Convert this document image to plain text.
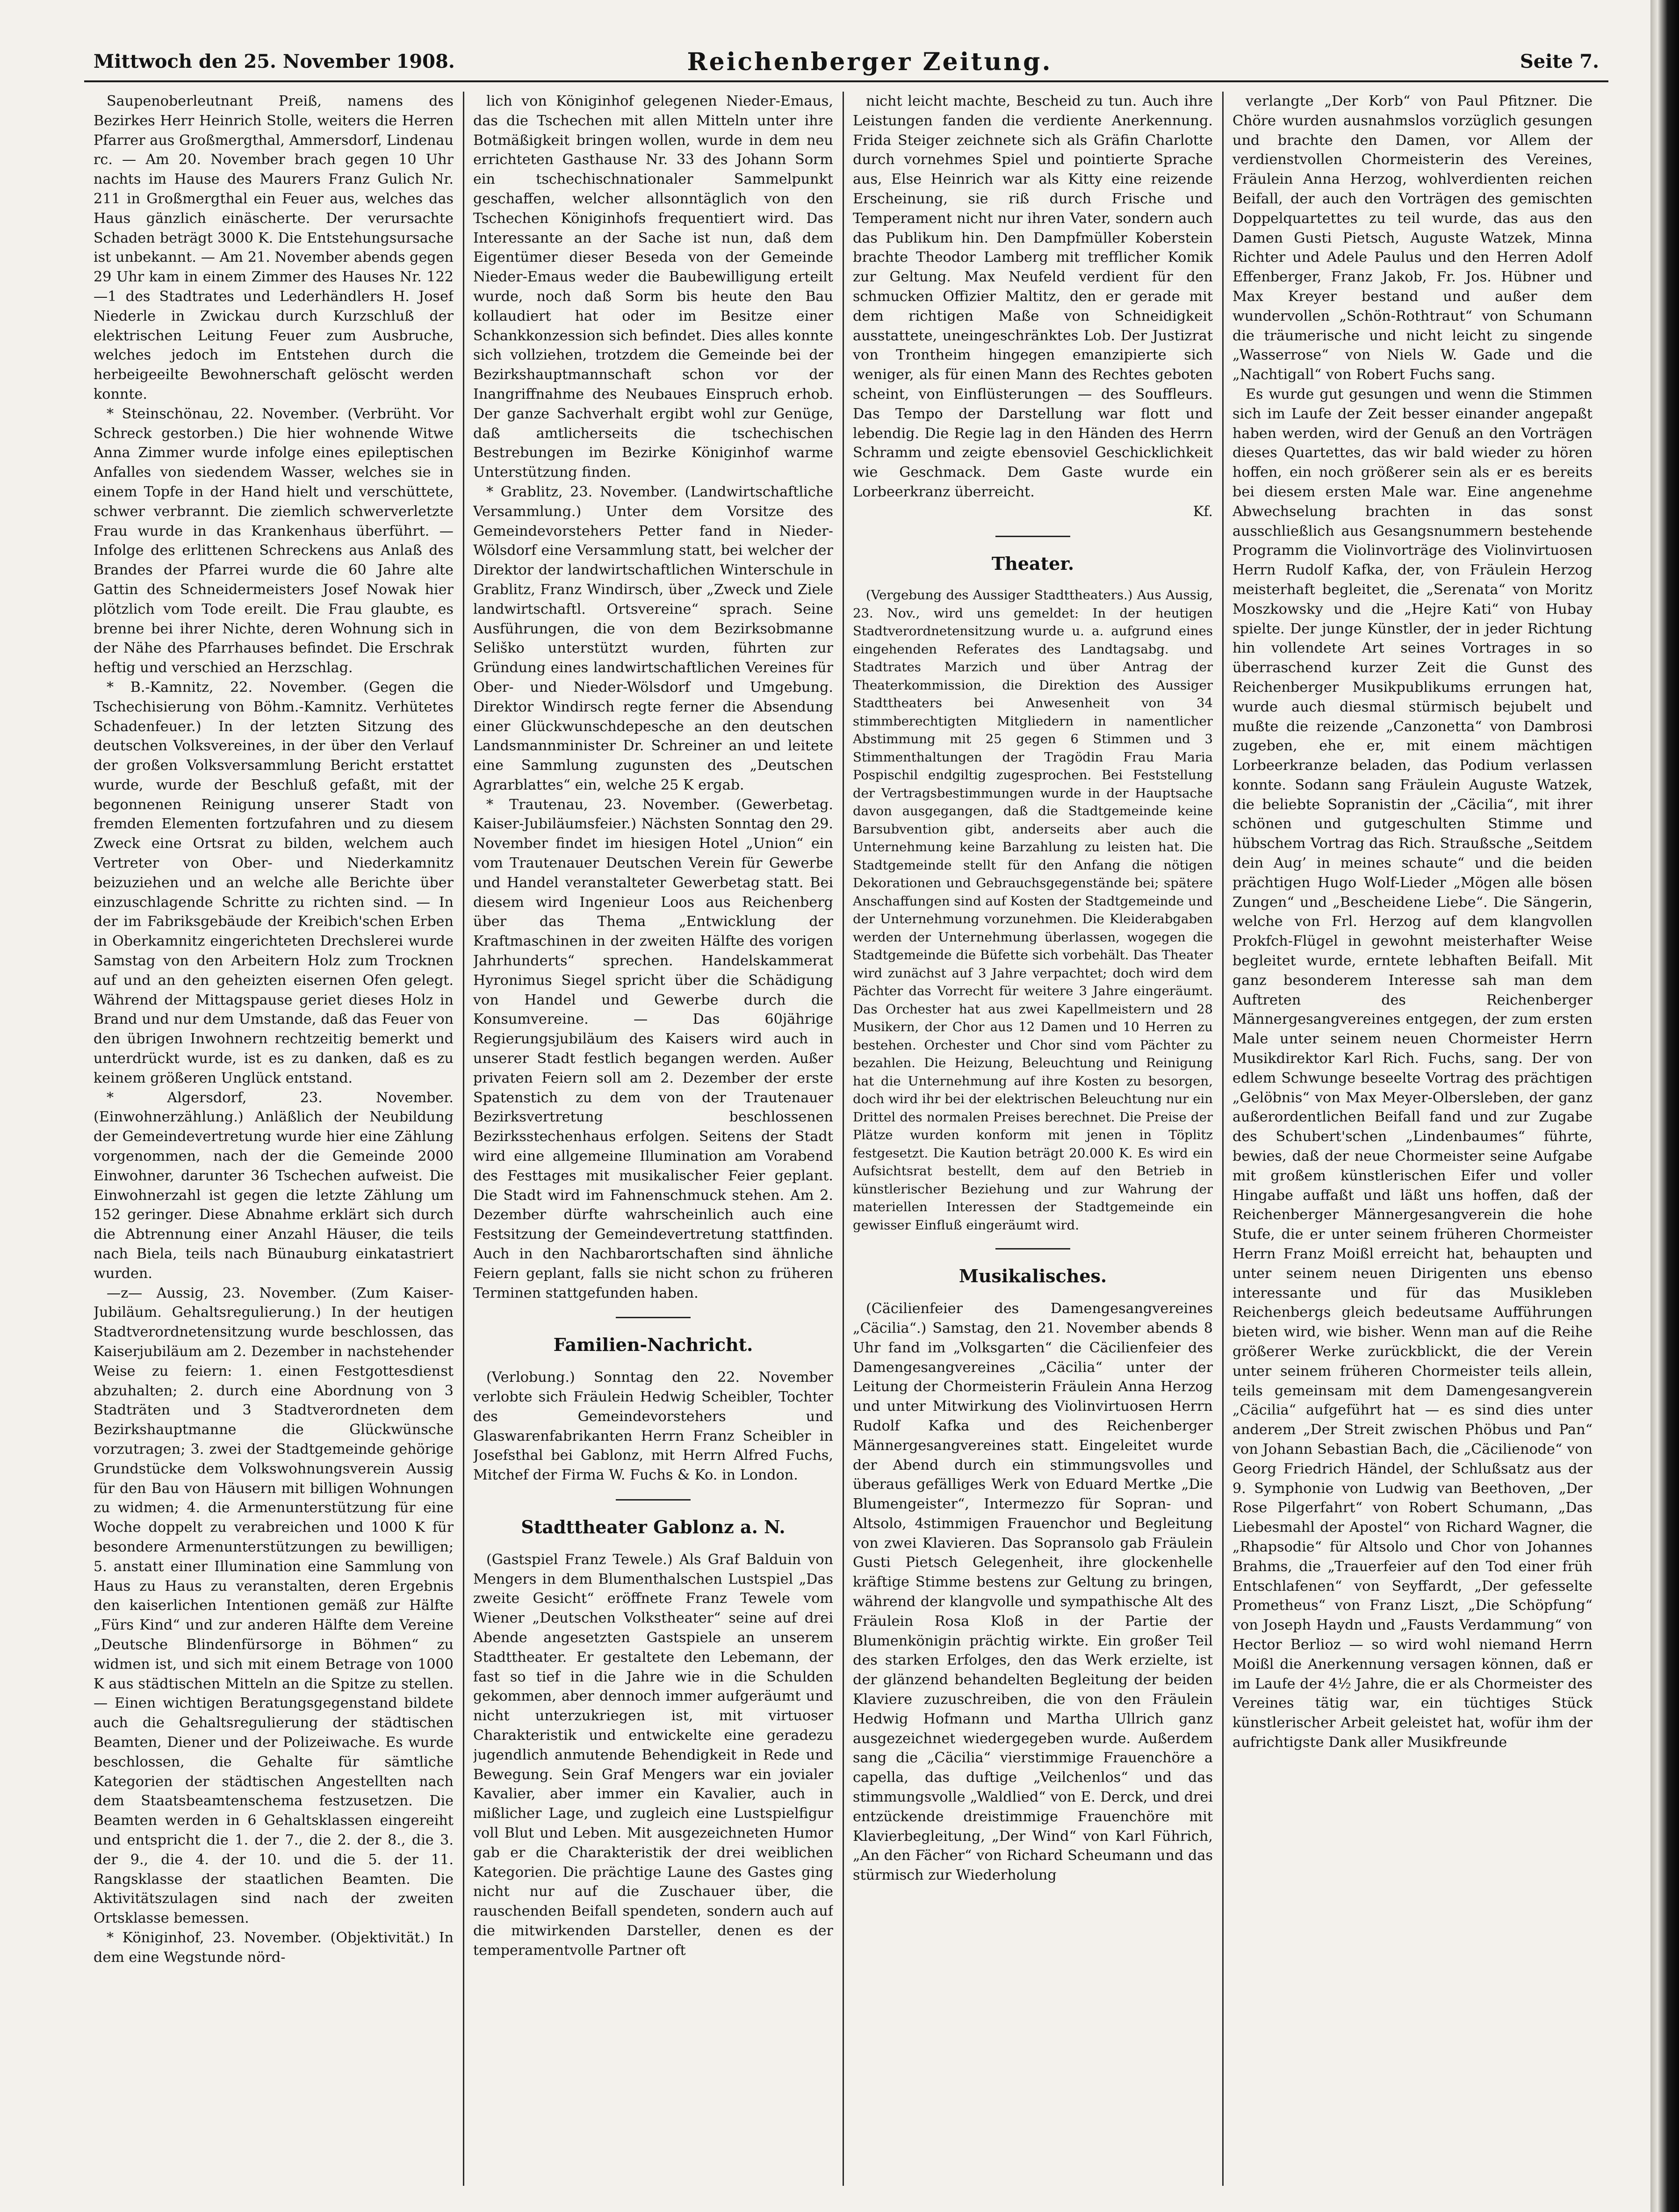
Mittwoch den 25. November 1908.	Reichenberger Zeitung.	Seite 7.

Saupenoberleutnant Preiß, namens des Bezirkes Herr Heinrich Stolle, weiters die Herren Pfarrer aus Großmergthal, Ammersdorf, Lindenau rc. — Am 20. November brach gegen 10 Uhr nachts im Hause des Maurers Franz Gulich Nr. 211 in Großmergthal ein Feuer aus, welches das Haus gänzlich einäscherte. Der verursachte Schaden beträgt 3000 K. Die Entstehungsursache ist unbekannt. — Am 21. November abends gegen 29 Uhr kam in einem Zimmer des Hauses Nr. 122—1 des Stadtrates und Lederhändlers H. Josef Niederle in Zwickau durch Kurzschluß der elektrischen Leitung Feuer zum Ausbruche, welches jedoch im Entstehen durch die herbeigeeilte Bewohnerschaft gelöscht werden konnte.

* Steinschönau, 22. November. (Verbrüht. Vor Schreck gestorben.) Die hier wohnende Witwe Anna Zimmer wurde infolge eines epileptischen Anfalles von siedendem Wasser, welches sie in einem Topfe in der Hand hielt und verschüttete, schwer verbrannt. Die ziemlich schwerverletzte Frau wurde in das Krankenhaus überführt. — Infolge des erlittenen Schreckens aus Anlaß des Brandes der Pfarrei wurde die 60 Jahre alte Gattin des Schneidermeisters Josef Nowak hier plötzlich vom Tode ereilt. Die Frau glaubte, es brenne bei ihrer Nichte, deren Wohnung sich in der Nähe des Pfarrhauses befindet. Die Erschrak heftig und verschied an Herzschlag.

* B.-Kamnitz, 22. November. (Gegen die Tschechisierung von Böhm.-Kamnitz. Verhütetes Schadenfeuer.) In der letzten Sitzung des deutschen Volksvereines, in der über den Verlauf der großen Volksversammlung Bericht erstattet wurde, wurde der Beschluß gefaßt, mit der begonnenen Reinigung unserer Stadt von fremden Elementen fortzufahren und zu diesem Zweck eine Ortsrat zu bilden, welchem auch Vertreter von Ober- und Niederkamnitz beizuziehen und an welche alle Berichte über einzuschlagende Schritte zu richten sind. — In der im Fabriksgebäude der Kreibich'schen Erben in Oberkamnitz eingerichteten Drechslerei wurde Samstag von den Arbeitern Holz zum Trocknen auf und an den geheizten eisernen Ofen gelegt. Während der Mittagspause geriet dieses Holz in Brand und nur dem Umstande, daß das Feuer von den übrigen Inwohnern rechtzeitig bemerkt und unterdrückt wurde, ist es zu danken, daß es zu keinem größeren Unglück entstand.

* Algersdorf, 23. November. (Einwohnerzählung.) Anläßlich der Neubildung der Gemeindevertretung wurde hier eine Zählung vorgenommen, nach der die Gemeinde 2000 Einwohner, darunter 36 Tschechen aufweist. Die Einwohnerzahl ist gegen die letzte Zählung um 152 geringer. Diese Abnahme erklärt sich durch die Abtrennung einer Anzahl Häuser, die teils nach Biela, teils nach Bünauburg einkatastriert wurden.

—z— Aussig, 23. November. (Zum Kaiser-Jubiläum. Gehaltsregulierung.) In der heutigen Stadtverordnetensitzung wurde beschlossen, das Kaiserjubiläum am 2. Dezember in nachstehender Weise zu feiern: 1. einen Festgottesdienst abzuhalten; 2. durch eine Abordnung von 3 Stadträten und 3 Stadtverordneten dem Bezirkshauptmanne die Glückwünsche vorzutragen; 3. zwei der Stadtgemeinde gehörige Grundstücke dem Volkswohnungsverein Aussig für den Bau von Häusern mit billigen Wohnungen zu widmen; 4. die Armenunterstützung für eine Woche doppelt zu verabreichen und 1000 K für besondere Armenunterstützungen zu bewilligen; 5. anstatt einer Illumination eine Sammlung von Haus zu Haus zu veranstalten, deren Ergebnis den kaiserlichen Intentionen gemäß zur Hälfte „Fürs Kind“ und zur anderen Hälfte dem Vereine „Deutsche Blindenfürsorge in Böhmen“ zu widmen ist, und sich mit einem Betrage von 1000 K aus städtischen Mitteln an die Spitze zu stellen. — Einen wichtigen Beratungsgegenstand bildete auch die Gehaltsregulierung der städtischen Beamten, Diener und der Polizeiwache. Es wurde beschlossen, die Gehalte für sämtliche Kategorien der städtischen Angestellten nach dem Staatsbeamtenschema festzusetzen. Die Beamten werden in 6 Gehaltsklassen eingereiht und entspricht die 1. der 7., die 2. der 8., die 3. der 9., die 4. der 10. und die 5. der 11. Rangsklasse der staatlichen Beamten. Die Aktivitätszulagen sind nach der zweiten Ortsklasse bemessen.

* Königinhof, 23. November. (Objektivität.) In dem eine Wegstunde nörd-

lich von Königinhof gelegenen Nieder-Emaus, das die Tschechen mit allen Mitteln unter ihre Botmäßigkeit bringen wollen, wurde in dem neu errichteten Gasthause Nr. 33 des Johann Sorm ein tschechischnationaler Sammelpunkt geschaffen, welcher allsonntäglich von den Tschechen Königinhofs frequentiert wird. Das Interessante an der Sache ist nun, daß dem Eigentümer dieser Beseda von der Gemeinde Nieder-Emaus weder die Baubewilligung erteilt wurde, noch daß Sorm bis heute den Bau kollaudiert hat oder im Besitze einer Schankkonzession sich befindet. Dies alles konnte sich vollziehen, trotzdem die Gemeinde bei der Bezirkshauptmannschaft schon vor der Inangriffnahme des Neubaues Einspruch erhob. Der ganze Sachverhalt ergibt wohl zur Genüge, daß amtlicherseits die tschechischen Bestrebungen im Bezirke Königinhof warme Unterstützung finden.

* Grablitz, 23. November. (Landwirtschaftliche Versammlung.) Unter dem Vorsitze des Gemeindevorstehers Petter fand in Nieder-Wölsdorf eine Versammlung statt, bei welcher der Direktor der landwirtschaftlichen Winterschule in Grablitz, Franz Windirsch, über „Zweck und Ziele landwirtschaftl. Ortsvereine“ sprach. Seine Ausführungen, die von dem Bezirksobmanne Seliško unterstützt wurden, führten zur Gründung eines landwirtschaftlichen Vereines für Ober- und Nieder-Wölsdorf und Umgebung. Direktor Windirsch regte ferner die Absendung einer Glückwunschdepesche an den deutschen Landsmannminister Dr. Schreiner an und leitete eine Sammlung zugunsten des „Deutschen Agrarblattes“ ein, welche 25 K ergab.

* Trautenau, 23. November. (Gewerbetag. Kaiser-Jubiläumsfeier.) Nächsten Sonntag den 29. November findet im hiesigen Hotel „Union“ ein vom Trautenauer Deutschen Verein für Gewerbe und Handel veranstalteter Gewerbetag statt. Bei diesem wird Ingenieur Loos aus Reichenberg über das Thema „Entwicklung der Kraftmaschinen in der zweiten Hälfte des vorigen Jahrhunderts“ sprechen. Handelskammerat Hyronimus Siegel spricht über die Schädigung von Handel und Gewerbe durch die Konsumvereine. — Das 60jährige Regierungsjubiläum des Kaisers wird auch in unserer Stadt festlich begangen werden. Außer privaten Feiern soll am 2. Dezember der erste Spatenstich zu dem von der Trautenauer Bezirksvertretung beschlossenen Bezirksstechenhaus erfolgen. Seitens der Stadt wird eine allgemeine Illumination am Vorabend des Festtages mit musikalischer Feier geplant. Die Stadt wird im Fahnenschmuck stehen. Am 2. Dezember dürfte wahrscheinlich auch eine Festsitzung der Gemeindevertretung stattfinden. Auch in den Nachbarortschaften sind ähnliche Feiern geplant, falls sie nicht schon zu früheren Terminen stattgefunden haben.

Familien-Nachricht.

(Verlobung.) Sonntag den 22. November verlobte sich Fräulein Hedwig Scheibler, Tochter des Gemeindevorstehers und Glaswarenfabrikanten Herrn Franz Scheibler in Josefsthal bei Gablonz, mit Herrn Alfred Fuchs, Mitchef der Firma W. Fuchs & Ko. in London.

Stadttheater Gablonz a. N.

(Gastspiel Franz Tewele.) Als Graf Balduin von Mengers in dem Blumenthalschen Lustspiel „Das zweite Gesicht“ eröffnete Franz Tewele vom Wiener „Deutschen Volkstheater“ seine auf drei Abende angesetzten Gastspiele an unserem Stadttheater. Er gestaltete den Lebemann, der fast so tief in die Jahre wie in die Schulden gekommen, aber dennoch immer aufgeräumt und nicht unterzukriegen ist, mit virtuoser Charakteristik und entwickelte eine geradezu jugendlich anmutende Behendigkeit in Rede und Bewegung. Sein Graf Mengers war ein jovialer Kavalier, aber immer ein Kavalier, auch in mißlicher Lage, und zugleich eine Lustspielfigur voll Blut und Leben. Mit ausgezeichneten Humor gab er die Charakteristik der drei weiblichen Kategorien. Die prächtige Laune des Gastes ging nicht nur auf die Zuschauer über, die rauschenden Beifall spendeten, sondern auch auf die mitwirkenden Darsteller, denen es der temperamentvolle Partner oft

nicht leicht machte, Bescheid zu tun. Auch ihre Leistungen fanden die verdiente Anerkennung. Frida Steiger zeichnete sich als Gräfin Charlotte durch vornehmes Spiel und pointierte Sprache aus, Else Heinrich war als Kitty eine reizende Erscheinung, sie riß durch Frische und Temperament nicht nur ihren Vater, sondern auch das Publikum hin. Den Dampfmüller Koberstein brachte Theodor Lamberg mit trefflicher Komik zur Geltung. Max Neufeld verdient für den schmucken Offizier Maltitz, den er gerade mit dem richtigen Maße von Schneidigkeit ausstattete, uneingeschränktes Lob. Der Justizrat von Trontheim hingegen emanzipierte sich weniger, als für einen Mann des Rechtes geboten scheint, von Einflüsterungen — des Souffleurs. Das Tempo der Darstellung war flott und lebendig. Die Regie lag in den Händen des Herrn Schramm und zeigte ebensoviel Geschicklichkeit wie Geschmack. Dem Gaste wurde ein Lorbeerkranz überreicht.

Kf.

Theater.

(Vergebung des Aussiger Stadttheaters.) Aus Aussig, 23. Nov., wird uns gemeldet: In der heutigen Stadtverordnetensitzung wurde u. a. aufgrund eines eingehenden Referates des Landtagsabg. und Stadtrates Marzich und über Antrag der Theaterkommission, die Direktion des Aussiger Stadttheaters bei Anwesenheit von 34 stimmberechtigten Mitgliedern in namentlicher Abstimmung mit 25 gegen 6 Stimmen und 3 Stimmenthaltungen der Tragödin Frau Maria Pospischil endgiltig zugesprochen. Bei Feststellung der Vertragsbestimmungen wurde in der Hauptsache davon ausgegangen, daß die Stadtgemeinde keine Barsubvention gibt, anderseits aber auch die Unternehmung keine Barzahlung zu leisten hat. Die Stadtgemeinde stellt für den Anfang die nötigen Dekorationen und Gebrauchsgegenstände bei; spätere Anschaffungen sind auf Kosten der Stadtgemeinde und der Unternehmung vorzunehmen. Die Kleiderabgaben werden der Unternehmung überlassen, wogegen die Stadtgemeinde die Büfette sich vorbehält. Das Theater wird zunächst auf 3 Jahre verpachtet; doch wird dem Pächter das Vorrecht für weitere 3 Jahre eingeräumt. Das Orchester hat aus zwei Kapellmeistern und 28 Musikern, der Chor aus 12 Damen und 10 Herren zu bestehen. Orchester und Chor sind vom Pächter zu bezahlen. Die Heizung, Beleuchtung und Reinigung hat die Unternehmung auf ihre Kosten zu besorgen, doch wird ihr bei der elektrischen Beleuchtung nur ein Drittel des normalen Preises berechnet. Die Preise der Plätze wurden konform mit jenen in Töplitz festgesetzt. Die Kaution beträgt 20.000 K. Es wird ein Aufsichtsrat bestellt, dem auf den Betrieb in künstlerischer Beziehung und zur Wahrung der materiellen Interessen der Stadtgemeinde ein gewisser Einfluß eingeräumt wird.

Musikalisches.

(Cäcilienfeier des Damengesangvereines „Cäcilia“.) Samstag, den 21. November abends 8 Uhr fand im „Volksgarten“ die Cäcilienfeier des Damengesangvereines „Cäcilia“ unter der Leitung der Chormeisterin Fräulein Anna Herzog und unter Mitwirkung des Violinvirtuosen Herrn Rudolf Kafka und des Reichenberger Männergesangvereines statt. Eingeleitet wurde der Abend durch ein stimmungsvolles und überaus gefälliges Werk von Eduard Mertke „Die Blumengeister“, Intermezzo für Sopran- und Altsolo, 4stimmigen Frauenchor und Begleitung von zwei Klavieren. Das Sopransolo gab Fräulein Gusti Pietsch Gelegenheit, ihre glockenhelle kräftige Stimme bestens zur Geltung zu bringen, während der klangvolle und sympathische Alt des Fräulein Rosa Kloß in der Partie der Blumenkönigin prächtig wirkte. Ein großer Teil des starken Erfolges, den das Werk erzielte, ist der glänzend behandelten Begleitung der beiden Klaviere zuzuschreiben, die von den Fräulein Hedwig Hofmann und Martha Ullrich ganz ausgezeichnet wiedergegeben wurde. Außerdem sang die „Cäcilia“ vierstimmige Frauenchöre a capella, das duftige „Veilchenlos“ und das stimmungsvolle „Waldlied“ von E. Derck, und drei entzückende dreistimmige Frauenchöre mit Klavierbegleitung, „Der Wind“ von Karl Führich, „An den Fächer“ von Richard Scheumann und das stürmisch zur Wiederholung

verlangte „Der Korb“ von Paul Pfitzner. Die Chöre wurden ausnahmslos vorzüglich gesungen und brachte den Damen, vor Allem der verdienstvollen Chormeisterin des Vereines, Fräulein Anna Herzog, wohlverdienten reichen Beifall, der auch den Vorträgen des gemischten Doppelquartettes zu teil wurde, das aus den Damen Gusti Pietsch, Auguste Watzek, Minna Richter und Adele Paulus und den Herren Adolf Effenberger, Franz Jakob, Fr. Jos. Hübner und Max Kreyer bestand und außer dem wundervollen „Schön-Rothtraut“ von Schumann die träumerische und nicht leicht zu singende „Wasserrose“ von Niels W. Gade und die „Nachtigall“ von Robert Fuchs sang.

Es wurde gut gesungen und wenn die Stimmen sich im Laufe der Zeit besser einander angepaßt haben werden, wird der Genuß an den Vorträgen dieses Quartettes, das wir bald wieder zu hören hoffen, ein noch größerer sein als er es bereits bei diesem ersten Male war. Eine angenehme Abwechselung brachten in das sonst ausschließlich aus Gesangsnummern bestehende Programm die Violinvorträge des Violinvirtuosen Herrn Rudolf Kafka, der, von Fräulein Herzog meisterhaft begleitet, die „Serenata“ von Moritz Moszkowsky und die „Hejre Kati“ von Hubay spielte. Der junge Künstler, der in jeder Richtung hin vollendete Art seines Vortrages in so überraschend kurzer Zeit die Gunst des Reichenberger Musikpublikums errungen hat, wurde auch diesmal stürmisch bejubelt und mußte die reizende „Canzonetta“ von Dambrosi zugeben, ehe er, mit einem mächtigen Lorbeerkranze beladen, das Podium verlassen konnte. Sodann sang Fräulein Auguste Watzek, die beliebte Sopranistin der „Cäcilia“, mit ihrer schönen und gutgeschulten Stimme und hübschem Vortrag das Rich. Straußsche „Seitdem dein Aug’ in meines schaute“ und die beiden prächtigen Hugo Wolf-Lieder „Mögen alle bösen Zungen“ und „Bescheidene Liebe“. Die Sängerin, welche von Frl. Herzog auf dem klangvollen Prokfch-Flügel in gewohnt meisterhafter Weise begleitet wurde, erntete lebhaften Beifall. Mit ganz besonderem Interesse sah man dem Auftreten des Reichenberger Männergesangvereines entgegen, der zum ersten Male unter seinem neuen Chormeister Herrn Musikdirektor Karl Rich. Fuchs, sang. Der von edlem Schwunge beseelte Vortrag des prächtigen „Gelöbnis“ von Max Meyer-Olbersleben, der ganz außerordentlichen Beifall fand und zur Zugabe des Schubert'schen „Lindenbaumes“ führte, bewies, daß der neue Chormeister seine Aufgabe mit großem künstlerischen Eifer und voller Hingabe auffaßt und läßt uns hoffen, daß der Reichenberger Männergesangverein die hohe Stufe, die er unter seinem früheren Chormeister Herrn Franz Moißl erreicht hat, behaupten und unter seinem neuen Dirigenten uns ebenso interessante und für das Musikleben Reichenbergs gleich bedeutsame Aufführungen bieten wird, wie bisher. Wenn man auf die Reihe größerer Werke zurückblickt, die der Verein unter seinem früheren Chormeister teils allein, teils gemeinsam mit dem Damengesangverein „Cäcilia“ aufgeführt hat — es sind dies unter anderem „Der Streit zwischen Phöbus und Pan“ von Johann Sebastian Bach, die „Cäcilienode“ von Georg Friedrich Händel, der Schlußsatz aus der 9. Symphonie von Ludwig van Beethoven, „Der Rose Pilgerfahrt“ von Robert Schumann, „Das Liebesmahl der Apostel“ von Richard Wagner, die „Rhapsodie“ für Altsolo und Chor von Johannes Brahms, die „Trauerfeier auf den Tod einer früh Entschlafenen“ von Seyffardt, „Der gefesselte Prometheus“ von Franz Liszt, „Die Schöpfung“ von Joseph Haydn und „Fausts Verdammung“ von Hector Berlioz — so wird wohl niemand Herrn Moißl die Anerkennung versagen können, daß er im Laufe der 4½ Jahre, die er als Chormeister des Vereines tätig war, ein tüchtiges Stück künstlerischer Arbeit geleistet hat, wofür ihm der aufrichtigste Dank aller Musikfreunde
